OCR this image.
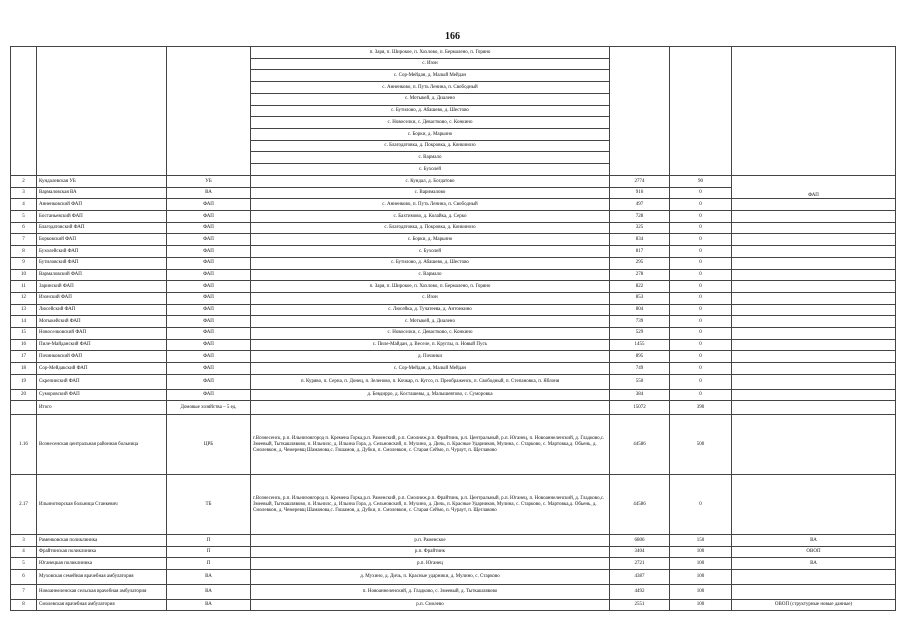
166
			п. Заря, п. Широкое, п. Хохлово, п. Бермалено, п. Горяно			
			с. Изон			
			с. Сор-Мейдан, д. Малый Мейдан			
			с. Анненково, п. Путь Ленина, п. Свободный			
			с. Мотыкей, д. Диалено			
			с. Бутилово, д. Абашево, д. Шестово			
			с. Новоселки, с. Девастково, с. Конкино			
			с. Борки, д. Марьино			
			с. Благодатовка, д. Покровка, д. Конкинозо			
			с. Вармало			
			с. Бухолей			
2	Кундалевская УБ	УБ	с. Кундал, д. Богдатово	2774	90	ФАП
3	Вармаловская ВА	ВА	с. Варималово	916	0	
4	Анненковский ФАП	ФАП	с. Анненково, п. Путь Ленина, п. Свободный	497	0	
5	Бостаньевский ФАП	ФАП	с. Бахтимово, д. Колайка, д. Серко	728	0	
6	Благодатовский ФАП	ФАП	с. Благодатовка, д. Покровка, д. Конкинозо	325	0	
7	Борковский ФАП	ФАП	с. Борки, д. Марьино	834	0	
8	Бухолейский ФАП	ФАП	с. Бухолей	817	0	
9	Бутиловский ФАП	ФАП	с. Бутилово, д. Абашево, д. Шестово	295	0	
10	Вармаловский ФАП	ФАП	с. Вармало	278	0	
11	Заринский ФАП	ФАП	п. Заря, п. Широкое, п. Хохлово, п. Бермалено, п. Горяно	822	0	
12	Изонский ФАП	ФАП	с. Изон	853	0	
13	Люсейский ФАП	ФАП	с. Люсейка, д. Тучатеева, д. Антонкино	804	0	
14	Мотыкейский ФАП	ФАП	с. Мотыкей, д. Диалено	739	0	
15	Новоселковский ФАП	ФАП	с. Новоселки, с. Девастково, с. Конкино	529	0	
16	Пиле-Майданский ФАП	ФАП	с. Пиле-Майдан, д. Веселе, п. Круглы, п. Новый Пусъ	1455	0	
17	Починковский ФАП	ФАП	д. Починки	895	0	
18	Сор-Мейдакский ФАП	ФАП	с. Сор-Мейдан, д. Малый Мейдан	749	0	
19	Скрепинский ФАП	ФАП	п. Куряво, п. Серна, п. Донец, п. Зеленово, п. Кочкар, п. Кугсо, п. Преображенск, п. Свободный, п. Степановка, п. Яблоня	550	0	
20	Суморовский ФАП	ФАП	д. Бевдирро, д. Косташевы, д. Малышевтово, с. Суморовка	384	0	
	Итого	Домовые хозяйства – 5 ед.		15072	390	
1.16	Вознесенская центральная районная больница	ЦРБ	г.Вознесенск, р.п. Ильнизовгород п. Кремена Горка,р.п. Раменский, р.п. Смолнеж,р.п. Фрайтинк, р.п. Центральный, р.п. Юганец, п. Новоаннеленский, д. Гладково,с. Змеевый, Тыткашлявово, п. Ильнилс, д. Ильина Гора, д. Сельновский, п. Мухино, д. Дичь, п. Красные Ударников, Мулина, с. Старково, с. Мартовка,д. Обьень, д. Смолевкон, д. Чемеревщ Шаманова,с. Гошамов, д. Дубки, п. Смолевкон, с. Старая Сеймо, п. Чураут, п. Щеглавово	44586	500	
2.17	Ильинотюрская больница Станкевич	ТБ	г.Вознесенск, р.п. Ильнизовгород п. Кремена Горка,р.п. Раменский, р.п. Смолнеж,р.п. Фрайтинк, р.п. Центральный, р.п. Юганец, п. Новоаннеленский, д. Гладково,с. Змеевый, Тыткашлявово, п. Ильнилс, д. Ильина Гора, д. Сельновский, п. Мухино, д. Дичь, п. Красные Ударников, Мулина, с. Старково, с. Мартовка,д. Обьень, д. Смолевкон, д. Чемеревщ Шаманова,с. Гошамов, д. Дубки, п. Смолевкон, с. Старая Сеймо, п. Чураут, п. Щеглавово	44586	0	
3	Раменковская поликлиника	П	р.п. Раменское	6806	150	ВА
4	Фрайтинская поликлиника	П	р.п. Фрайтинк	3404	100	ОВОП
5	Юганецкая поликлиника	П	р.п. Юганец	2721	100	ВА
6	Муховская семейная врачебная амбулатория	ВА	д. Мухино, д. Дичь, п. Красные ударники, д. Мулино, с. Старково	4387	100	
7	Новоаннеленская сельская врачебная амбулатория	ВА	п. Новоаннеленский, д. Гладково, с. Змеевый, д. Тыткашлявово	4492	100	
8	Смолевская врачебная амбулатория	ВА	р.п. Смолево	2551	100	ОВОП (структурные новые данные)
